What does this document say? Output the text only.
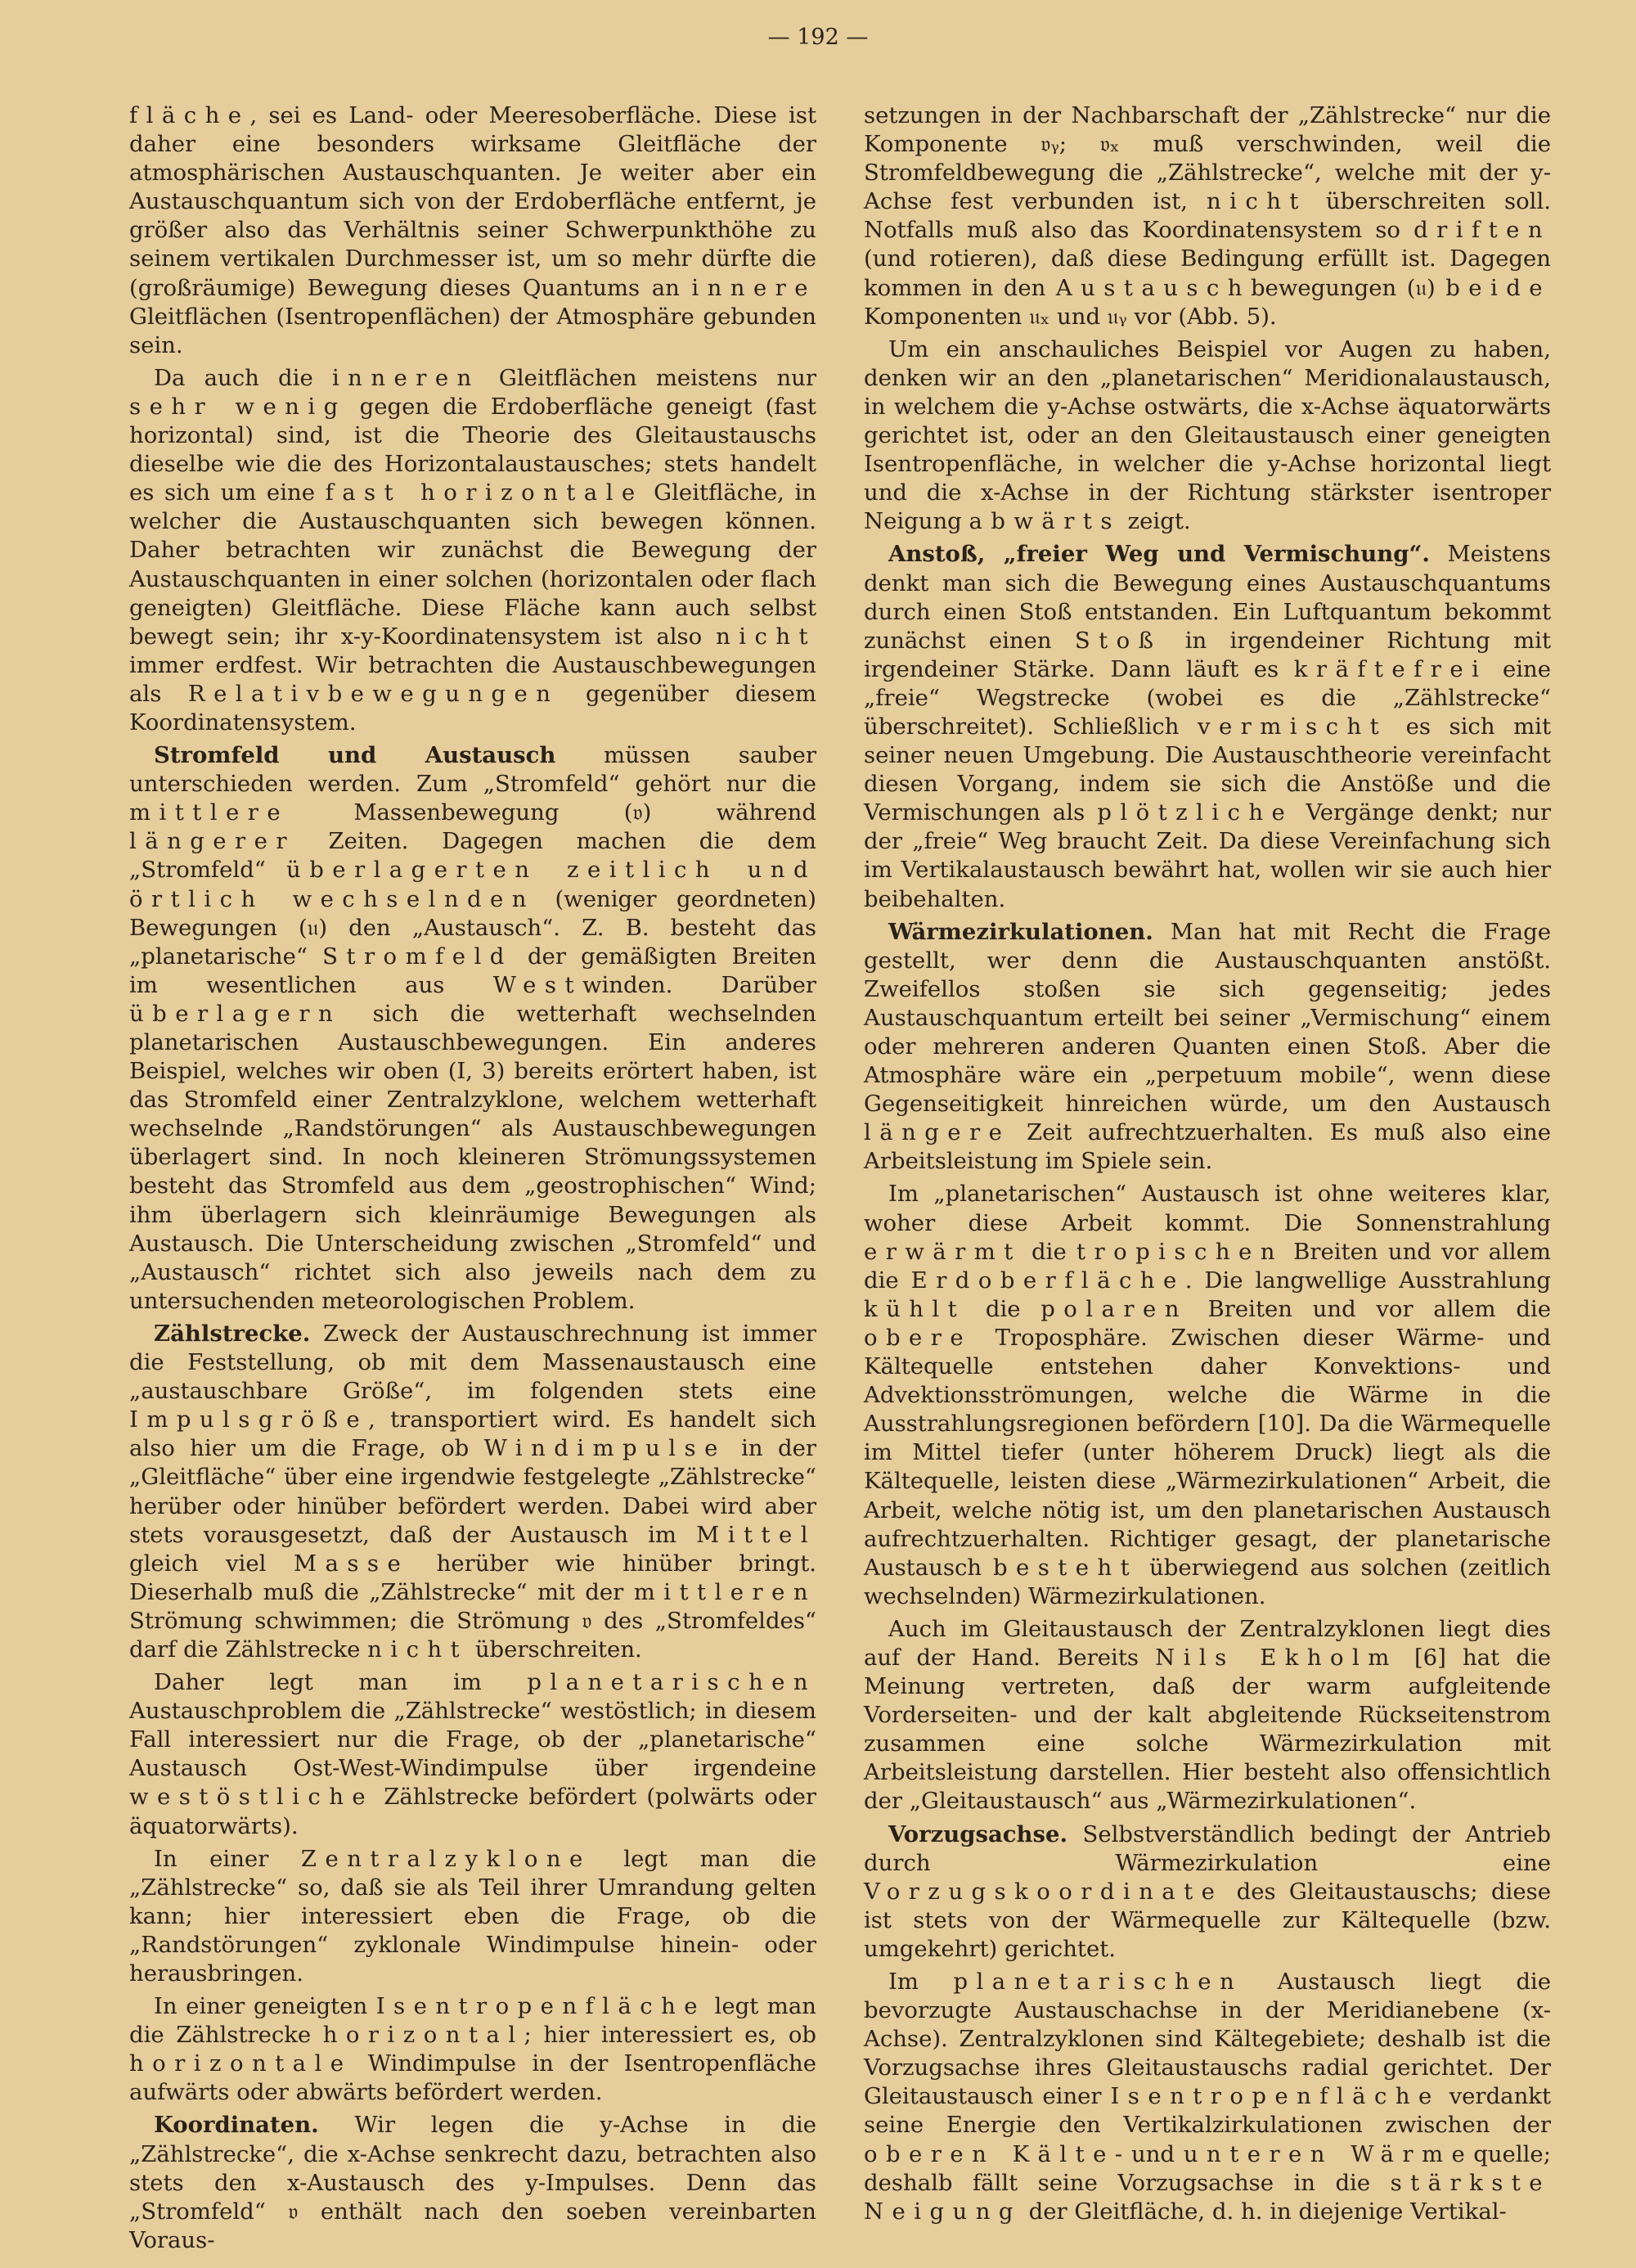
— 192 —

fläche, sei es Land- oder Meeresoberfläche. Diese ist daher eine besonders wirksame Gleitfläche der atmosphärischen Austauschquanten. Je weiter aber ein Austauschquantum sich von der Erdoberfläche entfernt, je größer also das Verhältnis seiner Schwerpunkthöhe zu seinem vertikalen Durchmesser ist, um so mehr dürfte die (großräumige) Bewegung dieses Quantums an innere Gleitflächen (Isentropenflächen) der Atmosphäre gebunden sein.

Da auch die inneren Gleitflächen meistens nur sehr wenig gegen die Erdoberfläche geneigt (fast horizontal) sind, ist die Theorie des Gleitaustauschs dieselbe wie die des Horizontalaustausches; stets handelt es sich um eine fast horizontale Gleitfläche, in welcher die Austauschquanten sich bewegen können. Daher betrachten wir zunächst die Bewegung der Austauschquanten in einer solchen (horizontalen oder flach geneigten) Gleitfläche. Diese Fläche kann auch selbst bewegt sein; ihr x-y-Koordinatensystem ist also nicht immer erdfest. Wir betrachten die Austauschbewegungen als Relativbewegungen gegenüber diesem Koordinatensystem.

Stromfeld und Austausch müssen sauber unterschieden werden. Zum „Stromfeld“ gehört nur die mittlere Massenbewegung (𝔳) während längerer Zeiten. Dagegen machen die dem „Stromfeld“ überlagerten zeitlich und örtlich wechselnden (weniger geordneten) Bewegungen (𝔲) den „Austausch“. Z. B. besteht das „planetarische“ Stromfeld der gemäßigten Breiten im wesentlichen aus Westwinden. Darüber überlagern sich die wetterhaft wechselnden planetarischen Austauschbewegungen. Ein anderes Beispiel, welches wir oben (I, 3) bereits erörtert haben, ist das Stromfeld einer Zentralzyklone, welchem wetterhaft wechselnde „Randstörungen“ als Austauschbewegungen überlagert sind. In noch kleineren Strömungssystemen besteht das Stromfeld aus dem „geostrophischen“ Wind; ihm überlagern sich kleinräumige Bewegungen als Austausch. Die Unterscheidung zwischen „Stromfeld“ und „Austausch“ richtet sich also jeweils nach dem zu untersuchenden meteorologischen Problem.

Zählstrecke. Zweck der Austauschrechnung ist immer die Feststellung, ob mit dem Massenaustausch eine „austauschbare Größe“, im folgenden stets eine Impulsgröße, transportiert wird. Es handelt sich also hier um die Frage, ob Windimpulse in der „Gleitfläche“ über eine irgendwie festgelegte „Zählstrecke“ herüber oder hinüber befördert werden. Dabei wird aber stets vorausgesetzt, daß der Austausch im Mittel gleich viel Masse herüber wie hinüber bringt. Dieserhalb muß die „Zählstrecke“ mit der mittleren Strömung schwimmen; die Strömung 𝔳 des „Stromfeldes“ darf die Zählstrecke nicht überschreiten.

Daher legt man im planetarischen Austauschproblem die „Zählstrecke“ westöstlich; in diesem Fall interessiert nur die Frage, ob der „planetarische“ Austausch Ost-West-Windimpulse über irgendeine westöstliche Zählstrecke befördert (polwärts oder äquatorwärts).

In einer Zentralzyklone legt man die „Zählstrecke“ so, daß sie als Teil ihrer Umrandung gelten kann; hier interessiert eben die Frage, ob die „Randstörungen“ zyklonale Windimpulse hinein- oder herausbringen.

In einer geneigten Isentropenfläche legt man die Zählstrecke horizontal; hier interessiert es, ob horizontale Windimpulse in der Isentropenfläche aufwärts oder abwärts befördert werden.

Koordinaten. Wir legen die y-Achse in die „Zählstrecke“, die x-Achse senkrecht dazu, betrachten also stets den x-Austausch des y-Impulses. Denn das „Stromfeld“ 𝔳 enthält nach den soeben vereinbarten Voraus-

setzungen in der Nachbarschaft der „Zählstrecke“ nur die Komponente 𝔳ᵧ; 𝔳ₓ muß verschwinden, weil die Stromfeldbewegung die „Zählstrecke“, welche mit der y-Achse fest verbunden ist, nicht überschreiten soll. Notfalls muß also das Koordinatensystem so driften (und rotieren), daß diese Bedingung erfüllt ist. Dagegen kommen in den Austauschbewegungen (𝔲) beide Komponenten 𝔲ₓ und 𝔲ᵧ vor (Abb. 5).

Um ein anschauliches Beispiel vor Augen zu haben, denken wir an den „planetarischen“ Meridionalaustausch, in welchem die y-Achse ostwärts, die x-Achse äquatorwärts gerichtet ist, oder an den Gleitaustausch einer geneigten Isentropenfläche, in welcher die y-Achse horizontal liegt und die x-Achse in der Richtung stärkster isentroper Neigung abwärts zeigt.

Anstoß, „freier Weg und Vermischung“. Meistens denkt man sich die Bewegung eines Austauschquantums durch einen Stoß entstanden. Ein Luftquantum bekommt zunächst einen Stoß in irgendeiner Richtung mit irgendeiner Stärke. Dann läuft es kräftefrei eine „freie“ Wegstrecke (wobei es die „Zählstrecke“ überschreitet). Schließlich vermischt es sich mit seiner neuen Umgebung. Die Austauschtheorie vereinfacht diesen Vorgang, indem sie sich die Anstöße und die Vermischungen als plötzliche Vergänge denkt; nur der „freie“ Weg braucht Zeit. Da diese Vereinfachung sich im Vertikalaustausch bewährt hat, wollen wir sie auch hier beibehalten.

Wärmezirkulationen. Man hat mit Recht die Frage gestellt, wer denn die Austauschquanten anstößt. Zweifellos stoßen sie sich gegenseitig; jedes Austauschquantum erteilt bei seiner „Vermischung“ einem oder mehreren anderen Quanten einen Stoß. Aber die Atmosphäre wäre ein „perpetuum mobile“, wenn diese Gegenseitigkeit hinreichen würde, um den Austausch längere Zeit aufrechtzuerhalten. Es muß also eine Arbeitsleistung im Spiele sein.

Im „planetarischen“ Austausch ist ohne weiteres klar, woher diese Arbeit kommt. Die Sonnenstrahlung erwärmt die tropischen Breiten und vor allem die Erdoberfläche. Die langwellige Ausstrahlung kühlt die polaren Breiten und vor allem die obere Troposphäre. Zwischen dieser Wärme- und Kältequelle entstehen daher Konvektions- und Advektionsströmungen, welche die Wärme in die Ausstrahlungsregionen befördern [10]. Da die Wärmequelle im Mittel tiefer (unter höherem Druck) liegt als die Kältequelle, leisten diese „Wärmezirkulationen“ Arbeit, die Arbeit, welche nötig ist, um den planetarischen Austausch aufrechtzuerhalten. Richtiger gesagt, der planetarische Austausch besteht überwiegend aus solchen (zeitlich wechselnden) Wärmezirkulationen.

Auch im Gleitaustausch der Zentralzyklonen liegt dies auf der Hand. Bereits Nils Ekholm [6] hat die Meinung vertreten, daß der warm aufgleitende Vorderseiten- und der kalt abgleitende Rückseitenstrom zusammen eine solche Wärmezirkulation mit Arbeitsleistung darstellen. Hier besteht also offensichtlich der „Gleitaustausch“ aus „Wärmezirkulationen“.

Vorzugsachse. Selbstverständlich bedingt der Antrieb durch Wärmezirkulation eine Vorzugskoordinate des Gleitaustauschs; diese ist stets von der Wärmequelle zur Kältequelle (bzw. umgekehrt) gerichtet.

Im planetarischen Austausch liegt die bevorzugte Austauschachse in der Meridianebene (x-Achse). Zentralzyklonen sind Kältegebiete; deshalb ist die Vorzugsachse ihres Gleitaustauschs radial gerichtet. Der Gleitaustausch einer Isentropenfläche verdankt seine Energie den Vertikalzirkulationen zwischen der oberen Kälte- und unteren Wärmequelle; deshalb fällt seine Vorzugsachse in die stärkste Neigung der Gleitfläche, d. h. in diejenige Vertikal-
